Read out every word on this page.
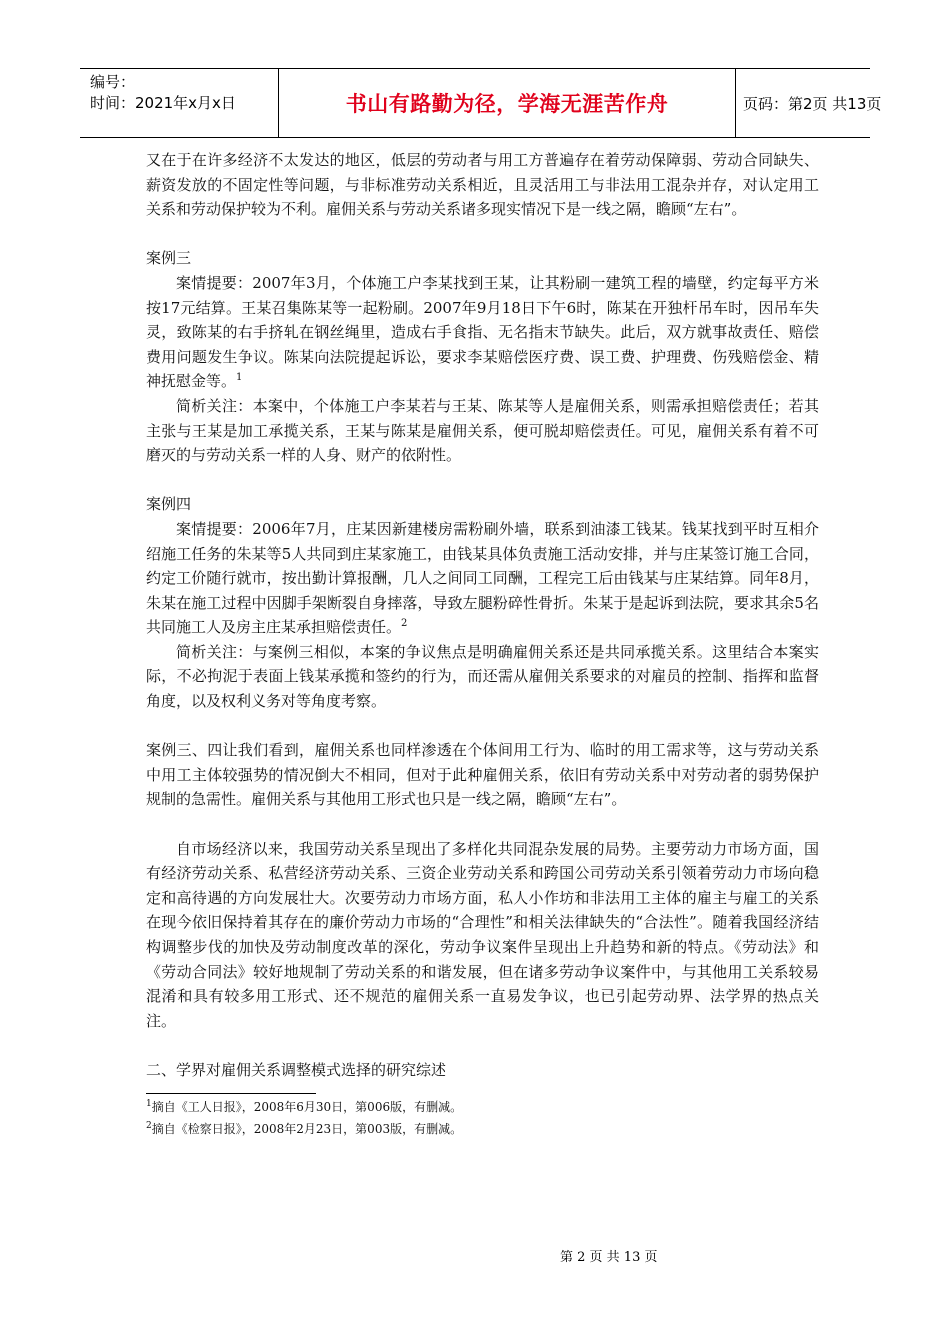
编号：
时间：2021年x月x日	书山有路勤为径，学海无涯苦作舟	页码：第2页 共13页

又在于在许多经济不太发达的地区，低层的劳动者与用工方普遍存在着劳动保障弱、劳动合同缺失、薪资发放的不固定性等问题，与非标准劳动关系相近，且灵活用工与非法用工混杂并存，对认定用工关系和劳动保护较为不利。雇佣关系与劳动关系诸多现实情况下是一线之隔，瞻顾“左右”。

案例三

案情提要：2007年3月，个体施工户李某找到王某，让其粉刷一建筑工程的墙壁，约定每平方米按17元结算。王某召集陈某等一起粉刷。2007年9月18日下午6时，陈某在开独杆吊车时，因吊车失灵，致陈某的右手挤轧在钢丝绳里，造成右手食指、无名指末节缺失。此后，双方就事故责任、赔偿费用问题发生争议。陈某向法院提起诉讼，要求李某赔偿医疗费、误工费、护理费、伤残赔偿金、精神抚慰金等。$^1$

简析关注：本案中，个体施工户李某若与王某、陈某等人是雇佣关系，则需承担赔偿责任；若其主张与王某是加工承揽关系，王某与陈某是雇佣关系，便可脱却赔偿责任。可见，雇佣关系有着不可磨灭的与劳动关系一样的人身、财产的依附性。

案例四

案情提要：2006年7月，庄某因新建楼房需粉刷外墙，联系到油漆工钱某。钱某找到平时互相介绍施工任务的朱某等5人共同到庄某家施工，由钱某具体负责施工活动安排，并与庄某签订施工合同，约定工价随行就市，按出勤计算报酬，几人之间同工同酬，工程完工后由钱某与庄某结算。同年8月，朱某在施工过程中因脚手架断裂自身摔落，导致左腿粉碎性骨折。朱某于是起诉到法院，要求其余5名共同施工人及房主庄某承担赔偿责任。$^2$

简析关注：与案例三相似，本案的争议焦点是明确雇佣关系还是共同承揽关系。这里结合本案实际，不必拘泥于表面上钱某承揽和签约的行为，而还需从雇佣关系要求的对雇员的控制、指挥和监督角度，以及权利义务对等角度考察。

案例三、四让我们看到，雇佣关系也同样渗透在个体间用工行为、临时的用工需求等，这与劳动关系中用工主体较强势的情况倒大不相同，但对于此种雇佣关系，依旧有劳动关系中对劳动者的弱势保护规制的急需性。雇佣关系与其他用工形式也只是一线之隔，瞻顾“左右”。

自市场经济以来，我国劳动关系呈现出了多样化共同混杂发展的局势。主要劳动力市场方面，国有经济劳动关系、私营经济劳动关系、三资企业劳动关系和跨国公司劳动关系引领着劳动力市场向稳定和高待遇的方向发展壮大。次要劳动力市场方面，私人小作坊和非法用工主体的雇主与雇工的关系在现今依旧保持着其存在的廉价劳动力市场的“合理性”和相关法律缺失的“合法性”。随着我国经济结构调整步伐的加快及劳动制度改革的深化，劳动争议案件呈现出上升趋势和新的特点。《劳动法》和《劳动合同法》较好地规制了劳动关系的和谐发展，但在诸多劳动争议案件中，与其他用工关系较易混淆和具有较多用工形式、还不规范的雇佣关系一直易发争议，也已引起劳动界、法学界的热点关注。

二、学界对雇佣关系调整模式选择的研究综述

$^1$摘自《工人日报》，2008年6月30日，第006版，有删减。

$^2$摘自《检察日报》，2008年2月23日，第003版，有删减。

第 2 页 共 13 页
